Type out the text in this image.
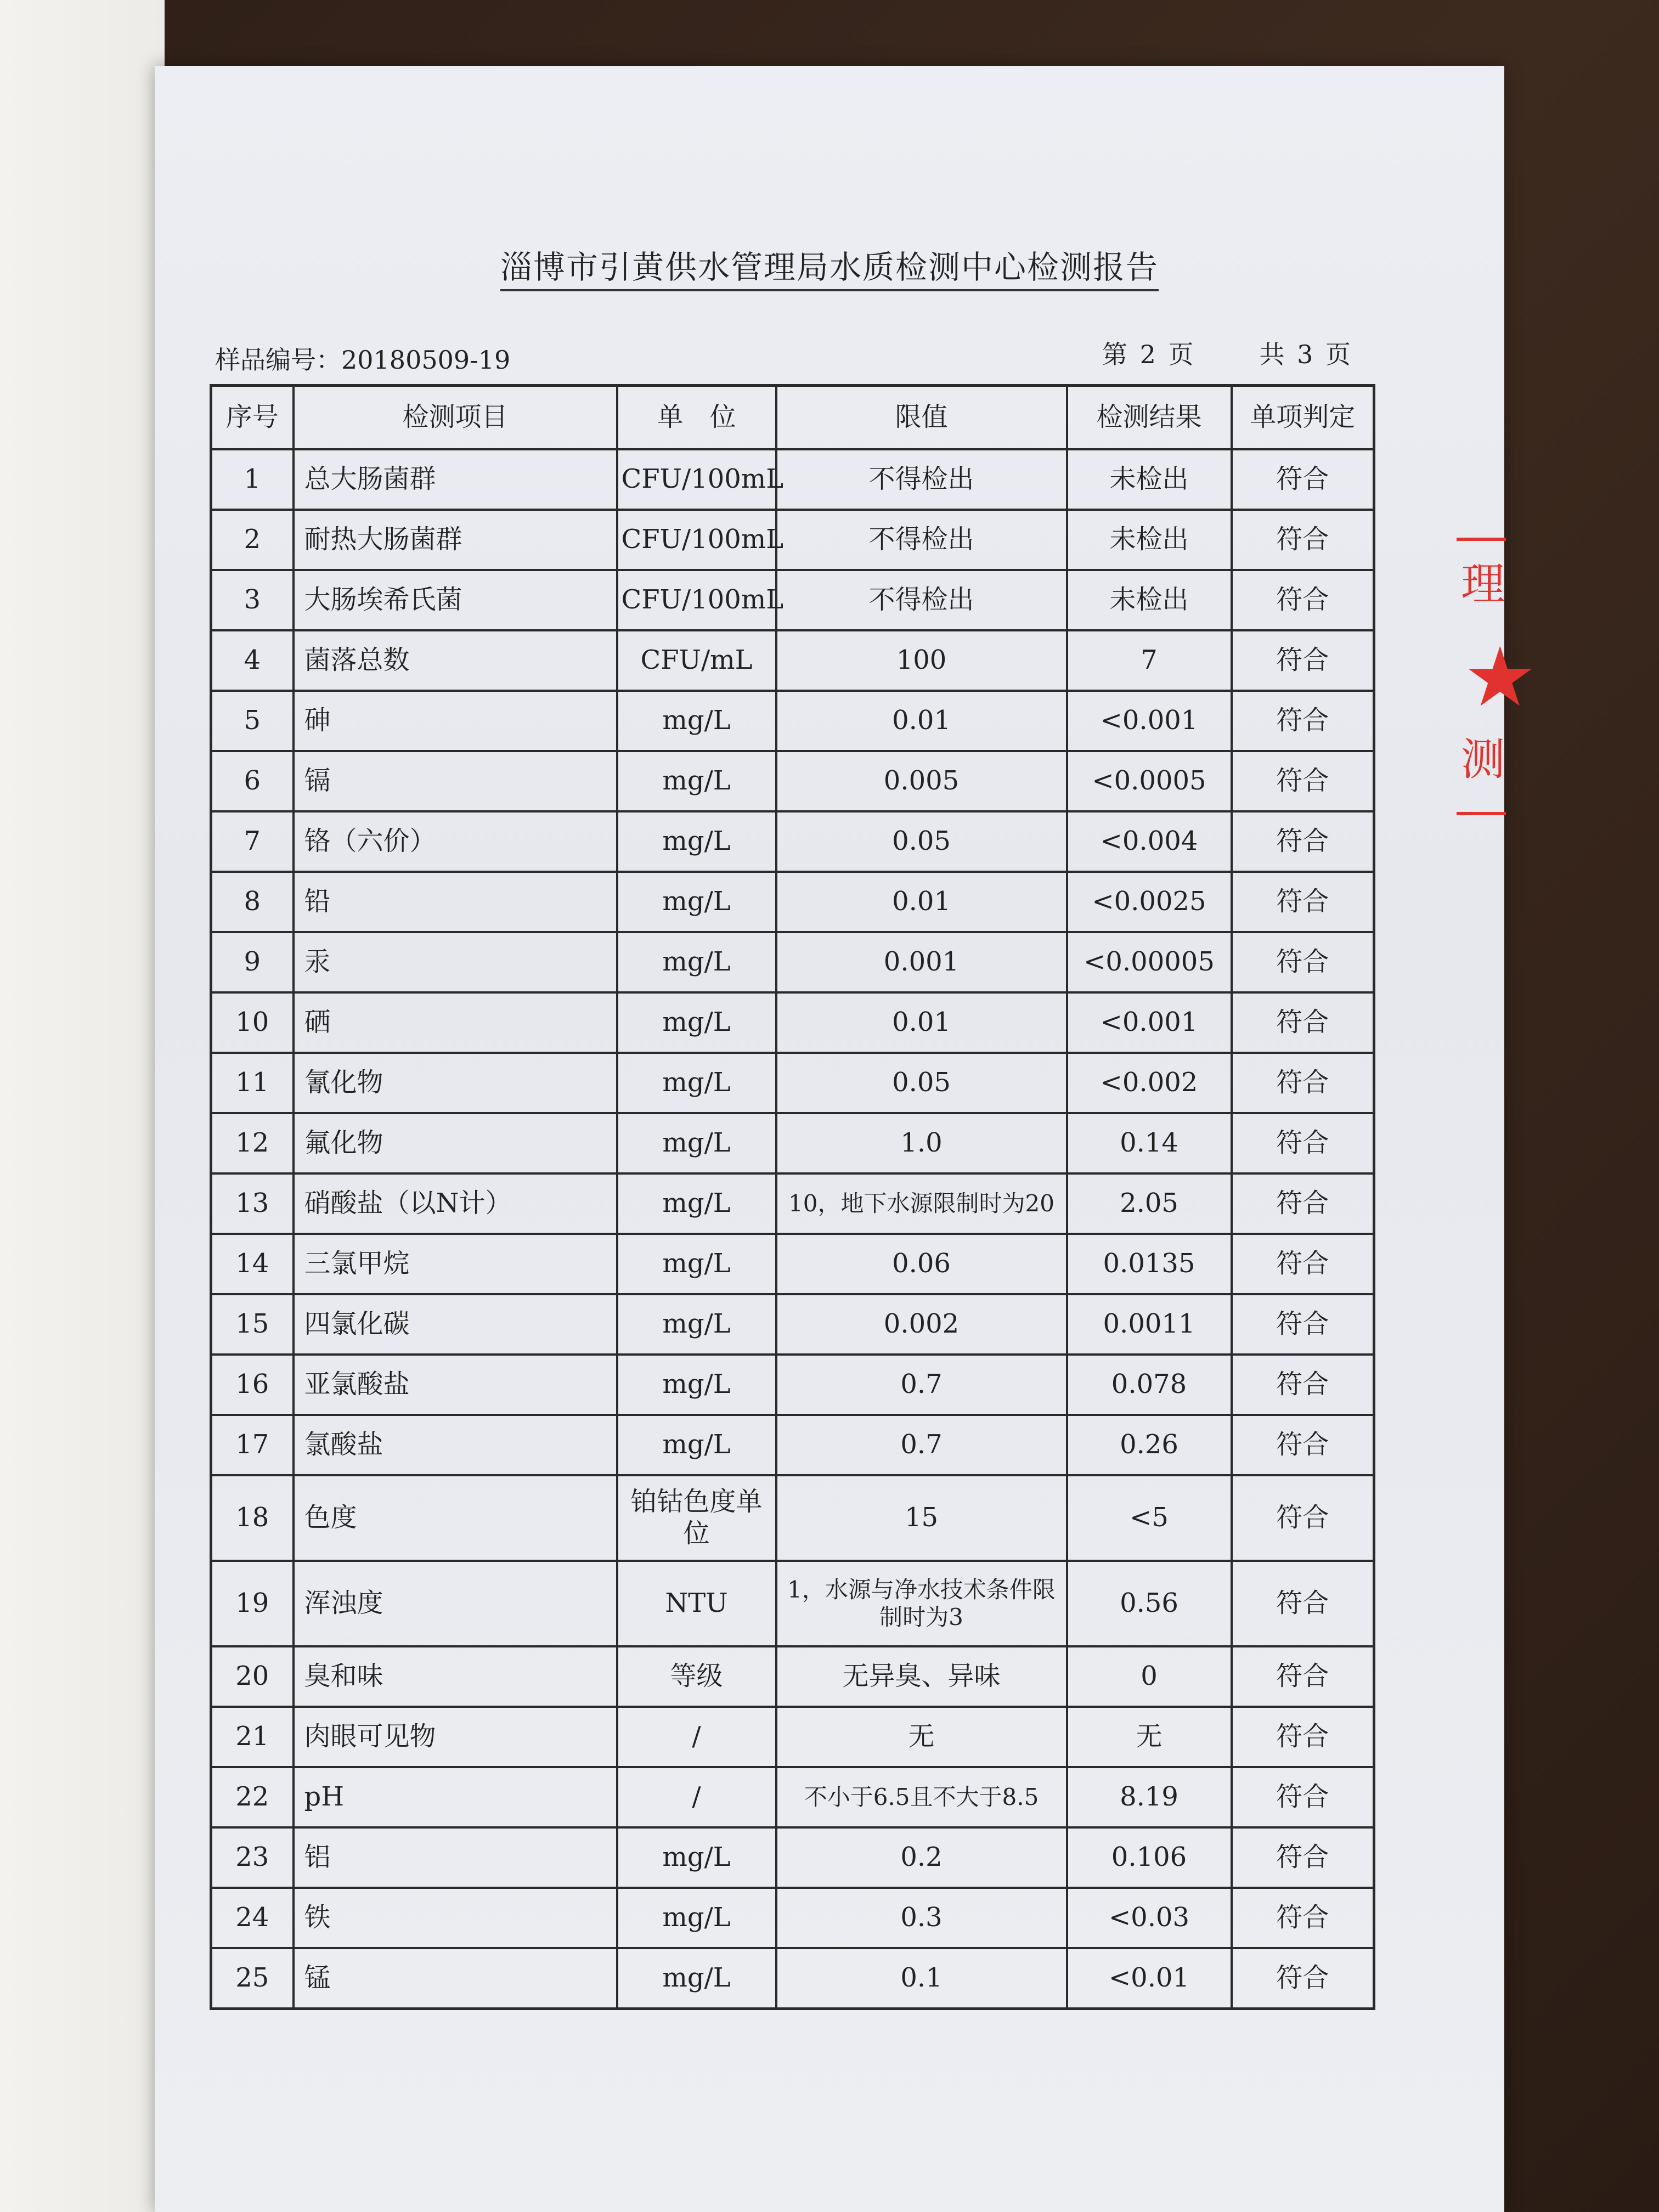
淄博市引黄供水管理局水质检测中心检测报告
样品编号：20180509-19	第 2 页	共 3 页
序号	检测项目	单　位	限值	检测结果	单项判定
1	总大肠菌群	CFU/100mL	不得检出	未检出	符合
2	耐热大肠菌群	CFU/100mL	不得检出	未检出	符合
3	大肠埃希氏菌	CFU/100mL	不得检出	未检出	符合
4	菌落总数	CFU/mL	100	7	符合
5	砷	mg/L	0.01	<0.001	符合
6	镉	mg/L	0.005	<0.0005	符合
7	铬（六价）	mg/L	0.05	<0.004	符合
8	铅	mg/L	0.01	<0.0025	符合
9	汞	mg/L	0.001	<0.00005	符合
10	硒	mg/L	0.01	<0.001	符合
11	氰化物	mg/L	0.05	<0.002	符合
12	氟化物	mg/L	1.0	0.14	符合
13	硝酸盐（以N计）	mg/L	10，地下水源限制时为20	2.05	符合
14	三氯甲烷	mg/L	0.06	0.0135	符合
15	四氯化碳	mg/L	0.002	0.0011	符合
16	亚氯酸盐	mg/L	0.7	0.078	符合
17	氯酸盐	mg/L	0.7	0.26	符合
18	色度	铂钴色度单位	15	<5	符合
19	浑浊度	NTU	1，水源与净水技术条件限制时为3	0.56	符合
20	臭和味	等级	无异臭、异味	0	符合
21	肉眼可见物	/	无	无	符合
22	pH	/	不小于6.5且不大于8.5	8.19	符合
23	铝	mg/L	0.2	0.106	符合
24	铁	mg/L	0.3	<0.03	符合
25	锰	mg/L	0.1	<0.01	符合
理
★
测
